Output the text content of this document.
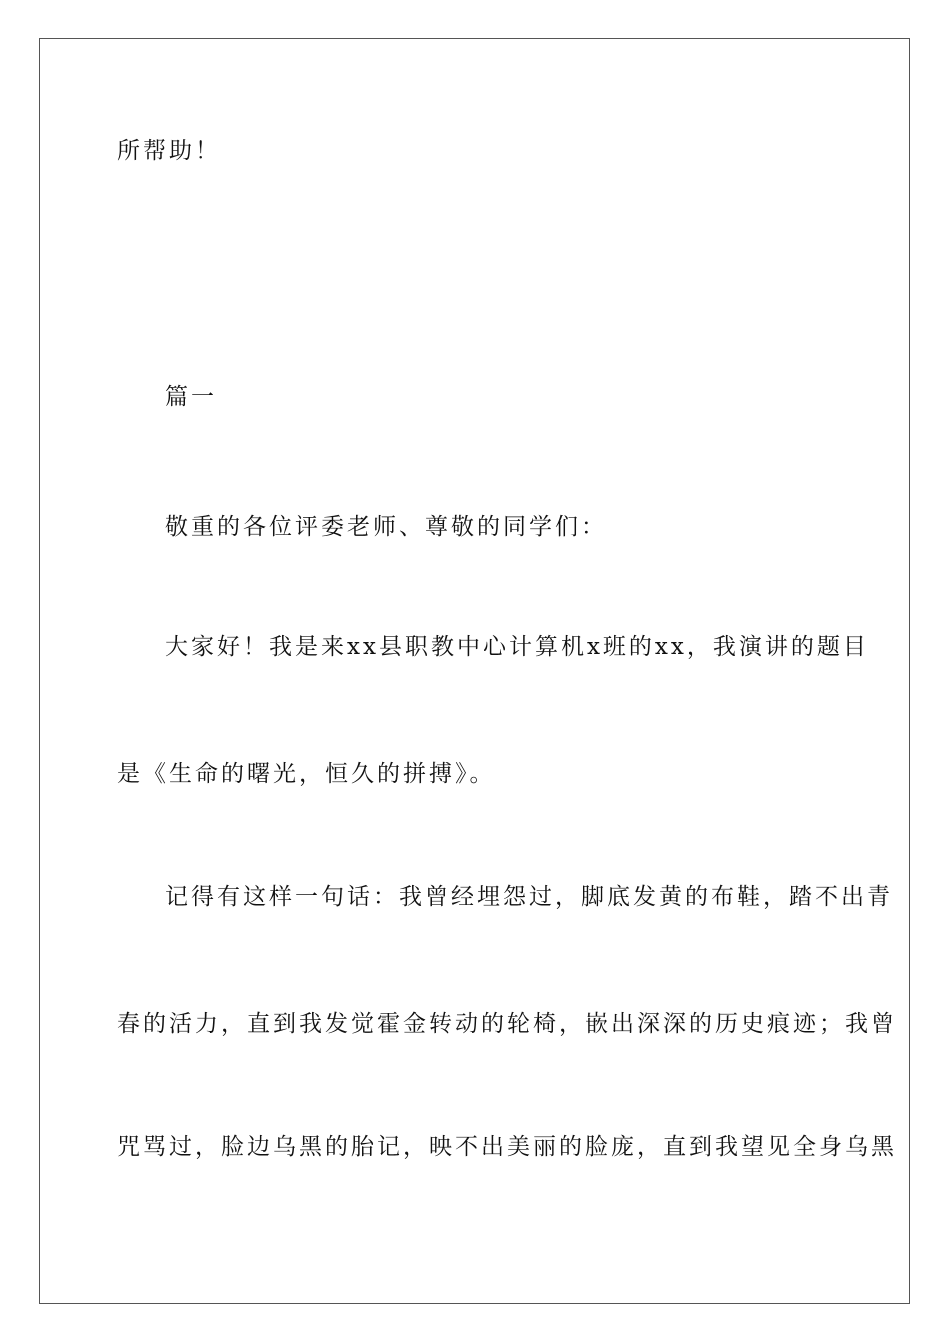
所帮助！
篇一
敬重的各位评委老师、尊敬的同学们：
大家好！我是来xx县职教中心计算机x班的xx，我演讲的题目
是《生命的曙光，恒久的拼搏》。
记得有这样一句话：我曾经埋怨过，脚底发黄的布鞋，踏不出青
春的活力，直到我发觉霍金转动的轮椅，嵌出深深的历史痕迹；我曾
咒骂过，脸边乌黑的胎记，映不出美丽的脸庞，直到我望见全身乌黑
